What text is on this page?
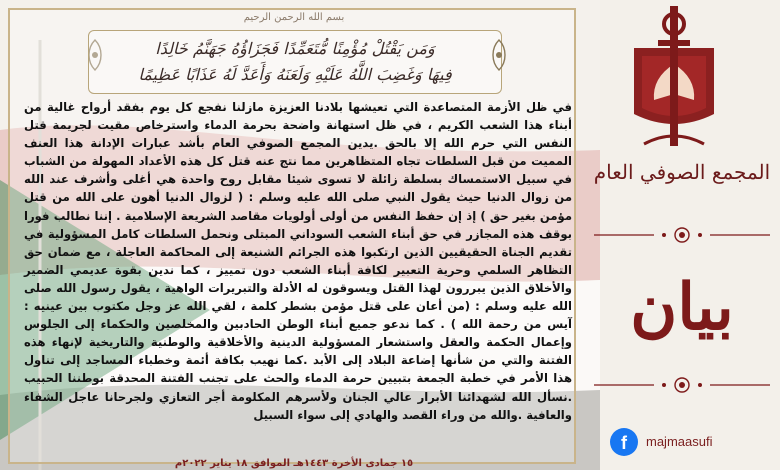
بسم الله الرحمن الرحيم
وَمَن يَقْتُلْ مُؤْمِنًا مُّتَعَمِّدًا فَجَزَاؤُهُ جَهَنَّمُ خَالِدًا
فِيهَا وَغَضِبَ اللَّهُ عَلَيْهِ وَلَعَنَهُ وَأَعَدَّ لَهُ عَذَابًا عَظِيمًا

في ظل الأزمة المتصاعدة التي تعيشها بلادنا العزيزة مازلنا نفجع كل يوم بفقد أرواح غالية من أبناء هذا الشعب الكريم ، في ظل استهانة واضحة بحرمة الدماء واسترخاص مقيت لجريمة قتل النفس التي حرم الله إلا بالحق .يدين المجمع الصوفي العام بأشد عبارات الإدانة هذا العنف المميت من قبل السلطات تجاه المتظاهرين مما نتج عنه قتل كل هذه الأعداد المهولة من الشباب في سبيل الاستمساك بسلطة زائلة لا تسوى شيئا مقابل روح واحدة هي أغلى وأشرف عند الله من زوال الدنيا حيث يقول النبي صلى الله عليه وسلم : ( لزوال الدنيا أهون على الله من قتل مؤمن بغير حق ) إذ إن حفظ النفس من أولى أولويات مقاصد الشريعة الإسلامية . إننا نطالب فورا بوقف هذه المجازر في حق أبناء الشعب السوداني المبتلى ونحمل السلطات كامل المسؤولية في تقديم الجناة الحقيقيين الذين ارتكبوا هذه الجرائم الشنيعة إلى المحاكمة العاجلة ، مع ضمان حق التظاهر السلمي وحرية التعبير لكافة أبناء الشعب دون تمييز ، كما ندين بقوة عديمي الضمير والأخلاق الذين يبررون لهذا القتل ويسوقون له الأدلة والتبريرات الواهية ، يقول رسول الله صلى الله عليه وسلم : (من أعان على قتل مؤمن بشطر كلمة ، لقي الله عز وجل مكتوب بين عينيه : آيس من رحمة الله ) . كما ندعو جميع أبناء الوطن الحادبين والمخلصين والحكماء إلى الجلوس وإعمال الحكمة والعقل واستشعار المسؤولية الدينية والأخلاقية والوطنية والتاريخية لإنهاء هذه الفتنة والتي من شأنها إضاعة البلاد إلى الأبد .كما نهيب بكافة أئمة وخطباء المساجد إلى تناول هذا الأمر في خطبة الجمعة بتبيين حرمة الدماء والحث على تجنب الفتنة المحدقة بوطننا الحبيب .نسأل الله لشهدائنا الأبرار عالي الجنان ولأسرهم المكلومة أجر التعازي ولجرحانا عاجل الشفاء والعافية .والله من وراء القصد والهادي إلى سواء السبيل

١٥ جمادى الأخرة ١٤٤٣هـ الموافق ١٨ يناير ٢٠٢٢م
المجمع الصوفي العام
بيان
f	majmaasufi
